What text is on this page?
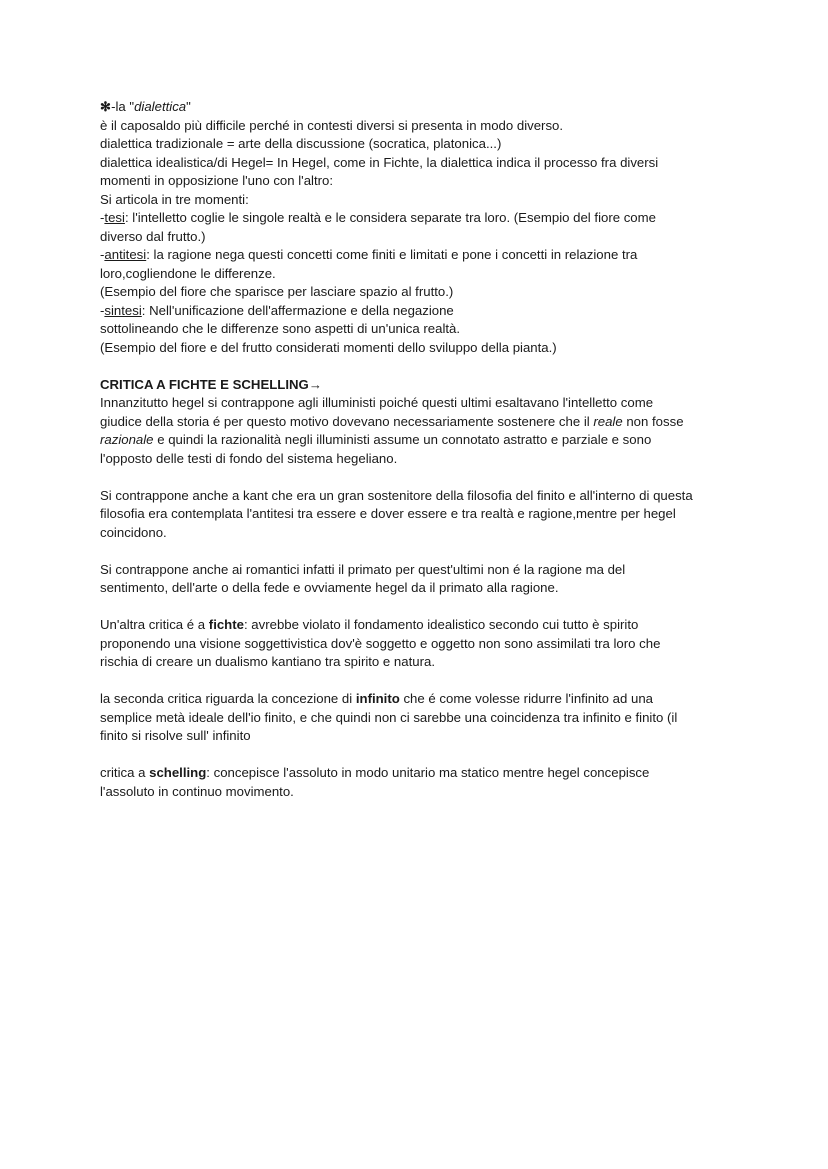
✻-la "dialettica"
è il caposaldo più difficile perché in contesti diversi si presenta in modo diverso.
dialettica tradizionale = arte della discussione (socratica, platonica...)
dialettica idealistica/di Hegel= In Hegel, come in Fichte, la dialettica indica il processo fra diversi
momenti in opposizione l'uno con l'altro:
Si articola in tre momenti:
-tesi: l'intelletto coglie le singole realtà e le considera separate tra loro. (Esempio del fiore come
diverso dal frutto.)
-antitesi: la ragione nega questi concetti come finiti e limitati e pone i concetti in relazione tra
loro,cogliendone le differenze.
(Esempio del fiore che sparisce per lasciare spazio al frutto.)
-sintesi: Nell'unificazione dell'affermazione e della negazione
sottolineando che le differenze sono aspetti di un'unica realtà.
(Esempio del fiore e del frutto considerati momenti dello sviluppo della pianta.)
CRITICA A FICHTE E SCHELLING→
Innanzitutto hegel si contrappone agli illuministi poiché questi ultimi esaltavano l'intelletto come
giudice della storia é per questo motivo dovevano necessariamente sostenere che il reale non fosse
razionale e quindi la razionalità negli illuministi assume un connotato astratto e parziale e sono
l'opposto delle testi di fondo del sistema hegeliano.
Si contrappone anche a kant che era un gran sostenitore della filosofia del finito e all'interno di questa
filosofia era contemplata l'antitesi tra essere e dover essere e tra realtà e ragione,mentre per hegel
coincidono.
Si contrappone anche ai romantici infatti il primato per quest'ultimi non é la ragione ma del
sentimento, dell'arte o della fede e ovviamente hegel da il primato alla ragione.
Un'altra critica é a fichte: avrebbe violato il fondamento idealistico secondo cui tutto è spirito
proponendo una visione soggettivistica dov'è soggetto e oggetto non sono assimilati tra loro che
rischia di creare un dualismo kantiano tra spirito e natura.
la seconda critica riguarda la concezione di infinito che é come volesse ridurre l'infinito ad una
semplice metà ideale dell'io finito, e che quindi non ci sarebbe una coincidenza tra infinito e finito (il
finito si risolve sull' infinito
critica a schelling: concepisce l'assoluto in modo unitario ma statico mentre hegel concepisce
l'assoluto in continuo movimento.
